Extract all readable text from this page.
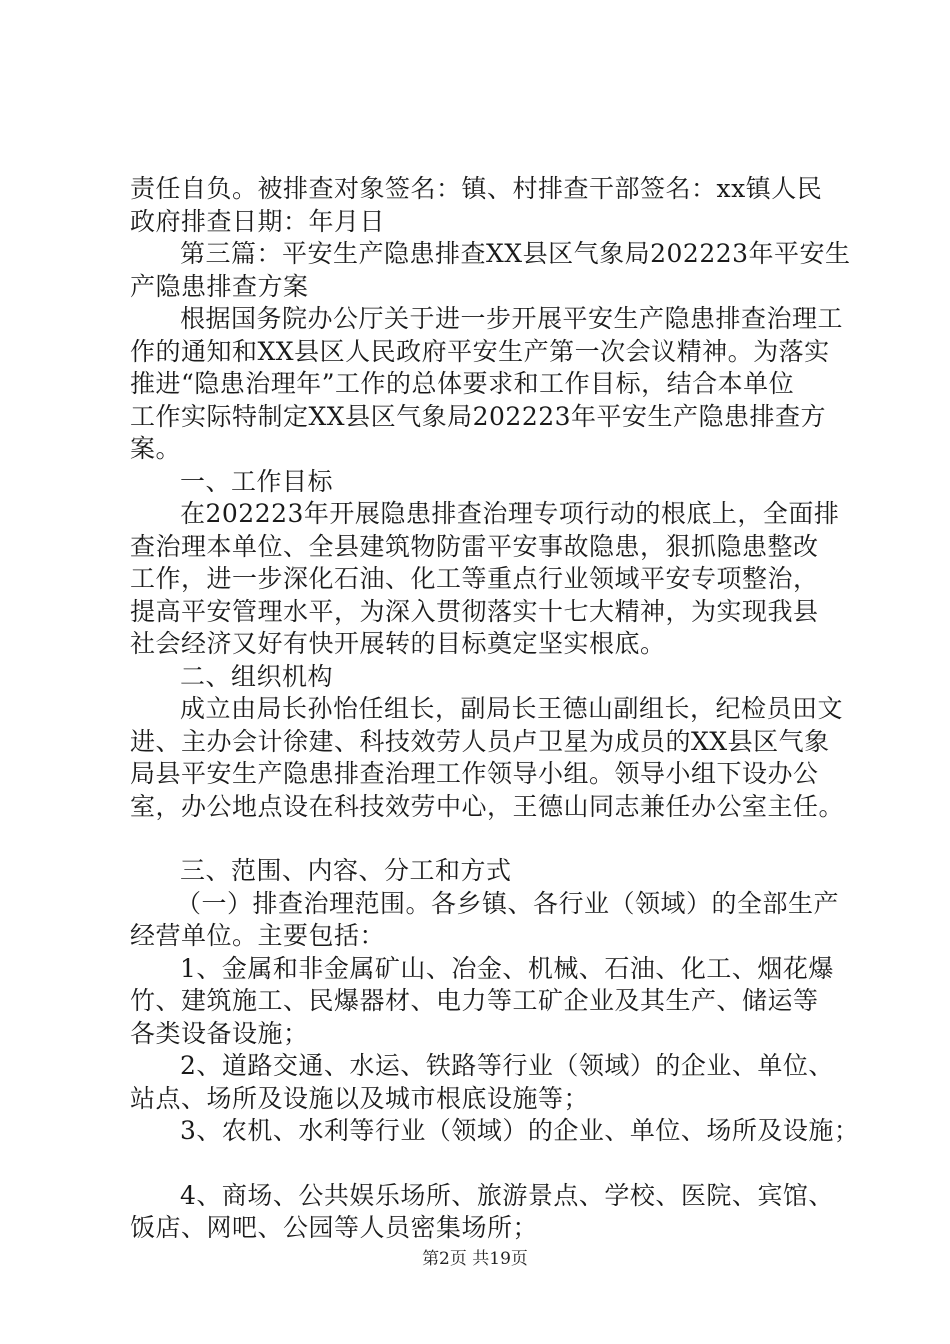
责任自负。被排查对象签名：镇、村排查干部签名：xx镇人民
政府排查日期：年月日
第三篇：平安生产隐患排查XX县区气象局202223年平安生
产隐患排查方案
根据国务院办公厅关于进一步开展平安生产隐患排查治理工
作的通知和XX县区人民政府平安生产第一次会议精神。为落实
推进“隐患治理年”工作的总体要求和工作目标，结合本单位
工作实际特制定XX县区气象局202223年平安生产隐患排查方
案。
一、工作目标
在202223年开展隐患排查治理专项行动的根底上，全面排
查治理本单位、全县建筑物防雷平安事故隐患，狠抓隐患整改
工作，进一步深化石油、化工等重点行业领域平安专项整治，
提高平安管理水平，为深入贯彻落实十七大精神，为实现我县
社会经济又好有快开展转的目标奠定坚实根底。
二、组织机构
成立由局长孙怡任组长，副局长王德山副组长，纪检员田文
进、主办会计徐建、科技效劳人员卢卫星为成员的XX县区气象
局县平安生产隐患排查治理工作领导小组。领导小组下设办公
室，办公地点设在科技效劳中心，王德山同志兼任办公室主任。
三、范围、内容、分工和方式
（一）排查治理范围。各乡镇、各行业（领域）的全部生产
经营单位。主要包括：
1、金属和非金属矿山、冶金、机械、石油、化工、烟花爆
竹、建筑施工、民爆器材、电力等工矿企业及其生产、储运等
各类设备设施；
2、道路交通、水运、铁路等行业（领域）的企业、单位、
站点、场所及设施以及城市根底设施等；
3、农机、水利等行业（领域）的企业、单位、场所及设施；
4、商场、公共娱乐场所、旅游景点、学校、医院、宾馆、
饭店、网吧、公园等人员密集场所；
第2页 共19页
